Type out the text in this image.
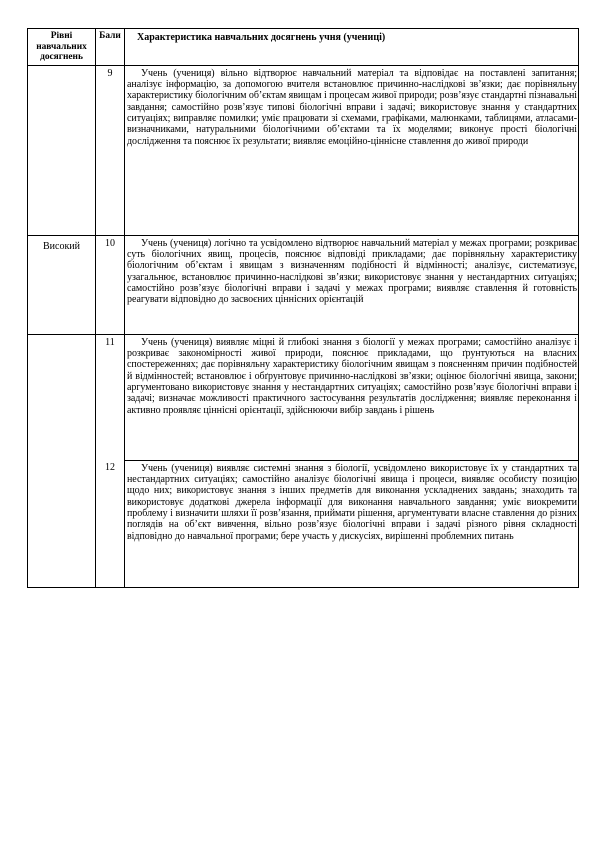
Рівні навчальних досягнень	Бали	Характеристика навчальних досягнень учня (учениці)
	9	Учень (учениця) вільно відтворює навчальний матеріал та відповідає на поставлені запитання; аналізує інформацію, за допомогою вчителя встановлює причинно-наслідкові зв’язки; дає порівняльну характеристику біологічним об’єктам явищам і процесам живої природи; розв’язує стандартні пізнавальні завдання; самостійно розв’язує типові біологічні вправи і задачі; використовує знання у стандартних ситуаціях; виправляє помилки; уміє працювати зі схемами, графіками, малюнками, таблицями, атласами-визначниками, натуральними біологічними об’єктами та їх моделями; виконує прості біологічні дослідження та пояснює їх результати; виявляє емоційно-ціннісне ставлення до живої природи
Високий	10	Учень (учениця) логічно та усвідомлено відтворює навчальний матеріал у межах програми; розкриває суть біологічних явищ, процесів, пояснює відповіді прикладами; дає порівняльну характеристику біологічним об’єктам і явищам з визначенням подібності й відмінності; аналізує, систематизує, узагальнює, встановлює причинно-наслідкові зв’язки; використовує знання у нестандартних ситуаціях; самостійно розв’язує біологічні вправи і задачі у межах програми; виявляє ставлення й готовність реагувати відповідно до засвоєних ціннісних орієнтацій
	11	Учень (учениця) виявляє міцні й глибокі знання з біології у межах програми; самостійно аналізує і розкриває закономірності живої природи, пояснює прикладами, що ґрунтуються на власних спостереженнях; дає порівняльну характеристику біологічним явищам з поясненням причин подібностей й відмінностей; встановлює і обґрунтовує причинно-наслідкові зв’язки; оцінює біологічні явища, закони; аргументовано використовує знання у нестандартних ситуаціях; самостійно розв’язує біологічні вправи і задачі; визначає можливості практичного застосування результатів дослідження; виявляє переконання і активно проявляє ціннісні орієнтації, здійснюючи вибір завдань і рішень
	12	Учень (учениця) виявляє системні знання з біології, усвідомлено використовує їх у стандартних та нестандартних ситуаціях; самостійно аналізує біологічні явища і процеси, виявляє особисту позицію щодо них; використовує знання з інших предметів для виконання ускладнених завдань; знаходить та використовує додаткові джерела інформації для виконання навчального завдання; уміє виокремити проблему і визначити шляхи її розв’язання, приймати рішення, аргументувати власне ставлення до різних поглядів на об’єкт вивчення, вільно розв’язує біологічні вправи і задачі різного рівня складності відповідно до навчальної програми; бере участь у дискусіях, вирішенні проблемних питань
